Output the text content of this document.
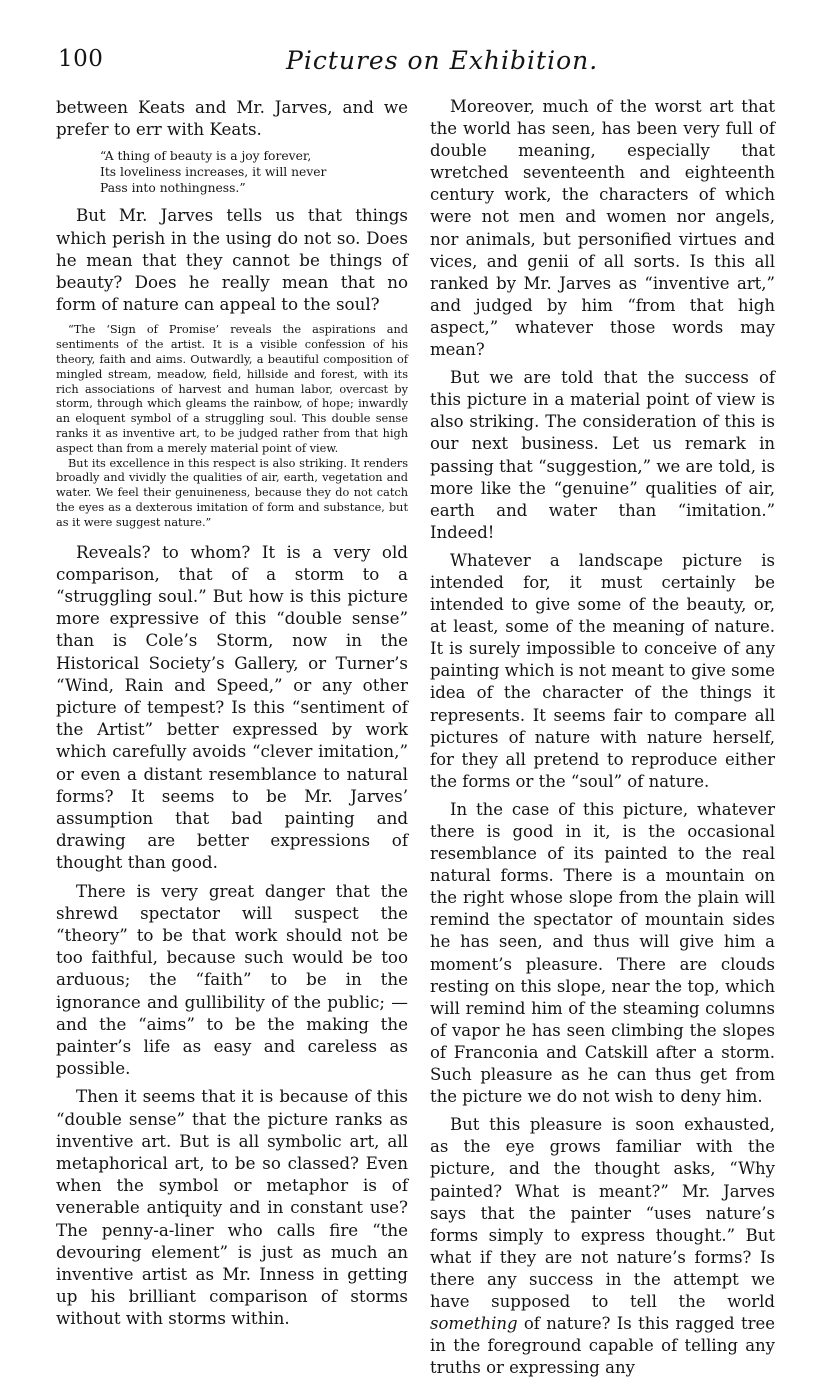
100	Pictures on Exhibition.

between Keats and Mr. Jarves, and we prefer to err with Keats.

“A thing of beauty is a joy forever,
Its loveliness increases, it will never
Pass into nothingness.”

But Mr. Jarves tells us that things which perish in the using do not so. Does he mean that they cannot be things of beauty? Does he really mean that no form of nature can appeal to the soul?

“The ‘Sign of Promise’ reveals the aspirations and sentiments of the artist. It is a visible confession of his theory, faith and aims. Outwardly, a beautiful composition of mingled stream, meadow, field, hillside and forest, with its rich associations of harvest and human labor, overcast by storm, through which gleams the rainbow, of hope; inwardly an eloquent symbol of a struggling soul. This double sense ranks it as inventive art, to be judged rather from that high aspect than from a merely material point of view.

But its excellence in this respect is also striking. It renders broadly and vividly the qualities of air, earth, vegetation and water. We feel their genuineness, because they do not catch the eyes as a dexterous imitation of form and substance, but as it were suggest nature.”

Reveals? to whom? It is a very old comparison, that of a storm to a “struggling soul.” But how is this picture more expressive of this “double sense” than is Cole’s Storm, now in the Historical Society’s Gallery, or Turner’s “Wind, Rain and Speed,” or any other picture of tempest? Is this “sentiment of the Artist” better expressed by work which carefully avoids “clever imitation,” or even a distant resemblance to natural forms? It seems to be Mr. Jarves’ assumption that bad painting and drawing are better expressions of thought than good.

There is very great danger that the shrewd spectator will suspect the “theory” to be that work should not be too faithful, because such would be too arduous; the “faith” to be in the ignorance and gullibility of the public; —and the “aims” to be the making the painter’s life as easy and careless as possible.

Then it seems that it is because of this “double sense” that the picture ranks as inventive art. But is all symbolic art, all metaphorical art, to be so classed? Even when the symbol or metaphor is of venerable antiquity and in constant use? The penny-a-liner who calls fire “the devouring element” is just as much an inventive artist as Mr. Inness in getting up his brilliant comparison of storms without with storms within.

Moreover, much of the worst art that the world has seen, has been very full of double meaning, especially that wretched seventeenth and eighteenth century work, the characters of which were not men and women nor angels, nor animals, but personified virtues and vices, and genii of all sorts. Is this all ranked by Mr. Jarves as “inventive art,” and judged by him “from that high aspect,” whatever those words may mean?

But we are told that the success of this picture in a material point of view is also striking. The consideration of this is our next business. Let us remark in passing that “suggestion,” we are told, is more like the “genuine” qualities of air, earth and water than “imitation.” Indeed!

Whatever a landscape picture is intended for, it must certainly be intended to give some of the beauty, or, at least, some of the meaning of nature. It is surely impossible to conceive of any painting which is not meant to give some idea of the character of the things it represents. It seems fair to compare all pictures of nature with nature herself, for they all pretend to reproduce either the forms or the “soul” of nature.

In the case of this picture, whatever there is good in it, is the occasional resemblance of its painted to the real natural forms. There is a mountain on the right whose slope from the plain will remind the spectator of mountain sides he has seen, and thus will give him a moment’s pleasure. There are clouds resting on this slope, near the top, which will remind him of the steaming columns of vapor he has seen climbing the slopes of Franconia and Catskill after a storm. Such pleasure as he can thus get from the picture we do not wish to deny him.

But this pleasure is soon exhausted, as the eye grows familiar with the picture, and the thought asks, “Why painted? What is meant?” Mr. Jarves says that the painter “uses nature’s forms simply to express thought.” But what if they are not nature’s forms? Is there any success in the attempt we have supposed to tell the world something of nature? Is this ragged tree in the foreground capable of telling any truths or expressing any
